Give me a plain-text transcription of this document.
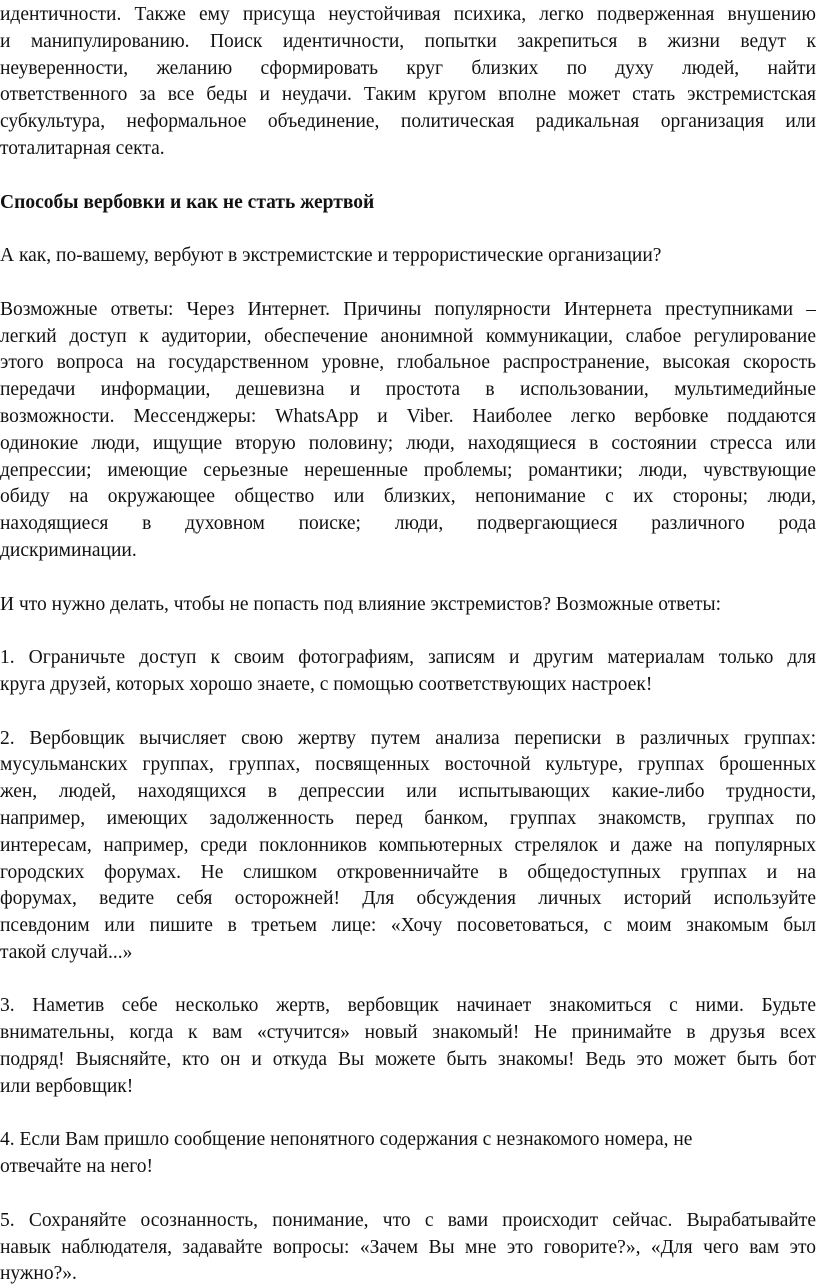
идентичности. Также ему присуща неустойчивая психика, легко подверженная внушению
и манипулированию. Поиск идентичности, попытки закрепиться в жизни ведут к
неуверенности, желанию сформировать круг близких по духу людей, найти
ответственного за все беды и неудачи. Таким кругом вполне может стать экстремистская
субкультура, неформальное объединение, политическая радикальная организация или
тоталитарная секта.
Способы вербовки и как не стать жертвой
А как, по-вашему, вербуют в экстремистские и террористические организации?
Возможные ответы: Через Интернет. Причины популярности Интернета преступниками –
легкий доступ к аудитории, обеспечение анонимной коммуникации, слабое регулирование
этого вопроса на государственном уровне, глобальное распространение, высокая скорость
передачи информации, дешевизна и простота в использовании, мультимедийные
возможности. Мессенджеры: WhatsApp и Viber. Наиболее легко вербовке поддаются
одинокие люди, ищущие вторую половину; люди, находящиеся в состоянии стресса или
депрессии; имеющие серьезные нерешенные проблемы; романтики; люди, чувствующие
обиду на окружающее общество или близких, непонимание с их стороны; люди,
находящиеся в духовном поиске; люди, подвергающиеся различного рода
дискриминации.
И что нужно делать, чтобы не попасть под влияние экстремистов? Возможные ответы:
1. Ограничьте доступ к своим фотографиям, записям и другим материалам только для
круга друзей, которых хорошо знаете, с помощью соответствующих настроек!
2. Вербовщик вычисляет свою жертву путем анализа переписки в различных группах:
мусульманских группах, группах, посвященных восточной культуре, группах брошенных
жен, людей, находящихся в депрессии или испытывающих какие-либо трудности,
например, имеющих задолженность перед банком, группах знакомств, группах по
интересам, например, среди поклонников компьютерных стрелялок и даже на популярных
городских форумах. Не слишком откровенничайте в общедоступных группах и на
форумах, ведите себя осторожней! Для обсуждения личных историй используйте
псевдоним или пишите в третьем лице: «Хочу посоветоваться, с моим знакомым был
такой случай...»
3. Наметив себе несколько жертв, вербовщик начинает знакомиться с ними. Будьте
внимательны, когда к вам «стучится» новый знакомый! Не принимайте в друзья всех
подряд! Выясняйте, кто он и откуда Вы можете быть знакомы! Ведь это может быть бот
или вербовщик!
4. Если Вам пришло сообщение непонятного содержания с незнакомого номера, не
отвечайте на него!
5. Сохраняйте осознанность, понимание, что с вами происходит сейчас. Вырабатывайте
навык наблюдателя, задавайте вопросы: «Зачем Вы мне это говорите?», «Для чего вам это
нужно?».
